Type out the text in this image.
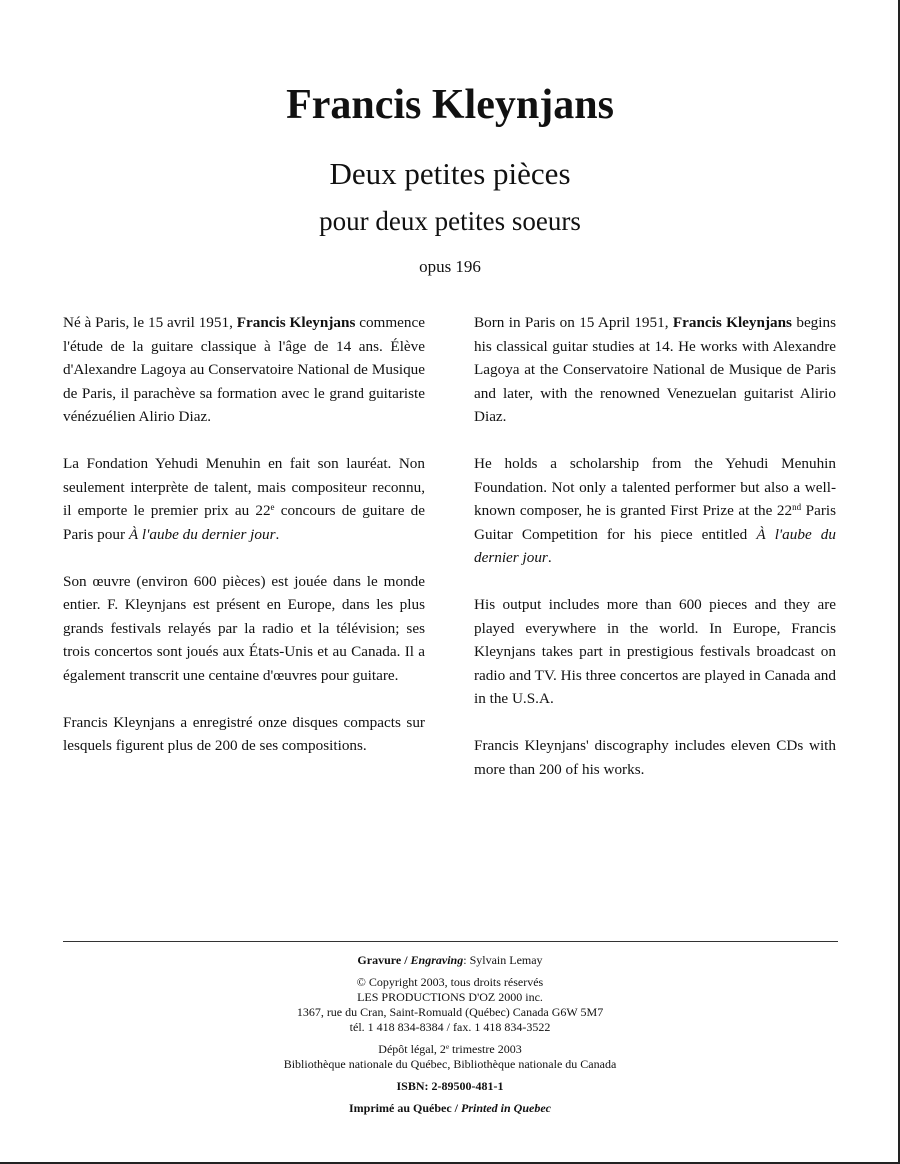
Francis Kleynjans
Deux petites pièces
pour deux petites soeurs
opus 196

Né à Paris, le 15 avril 1951, Francis Kleynjans commence l'étude de la guitare classique à l'âge de 14 ans. Élève d'Alexandre Lagoya au Conservatoire National de Musique de Paris, il parachève sa formation avec le grand guitariste vénézuélien Alirio Diaz.

La Fondation Yehudi Menuhin en fait son lauréat. Non seulement interprète de talent, mais compositeur reconnu, il emporte le premier prix au 22e concours de guitare de Paris pour À l'aube du dernier jour.

Son œuvre (environ 600 pièces) est jouée dans le monde entier. F. Kleynjans est présent en Europe, dans les plus grands festivals relayés par la radio et la télévision; ses trois concertos sont joués aux États-Unis et au Canada. Il a également transcrit une centaine d'œuvres pour guitare.

Francis Kleynjans a enregistré onze disques compacts sur lesquels figurent plus de 200 de ses compositions.

Born in Paris on 15 April 1951, Francis Kleynjans begins his classical guitar studies at 14. He works with Alexandre Lagoya at the Conservatoire National de Musique de Paris and later, with the renowned Venezuelan guitarist Alirio Diaz.

He holds a scholarship from the Yehudi Menuhin Foundation. Not only a talented performer but also a well-known composer, he is granted First Prize at the 22nd Paris Guitar Competition for his piece entitled À l'aube du dernier jour.

His output includes more than 600 pieces and they are played everywhere in the world. In Europe, Francis Kleynjans takes part in prestigious festivals broadcast on radio and TV. His three concertos are played in Canada and in the U.S.A.

Francis Kleynjans' discography includes eleven CDs with more than 200 of his works.

Gravure / Engraving: Sylvain Lemay
© Copyright 2003, tous droits réservés
LES PRODUCTIONS D'OZ 2000 inc.
1367, rue du Cran, Saint-Romuald (Québec) Canada G6W 5M7
tél. 1 418 834-8384 / fax. 1 418 834-3522
Dépôt légal, 2e trimestre 2003
Bibliothèque nationale du Québec, Bibliothèque nationale du Canada
ISBN: 2-89500-481-1
Imprimé au Québec / Printed in Quebec
